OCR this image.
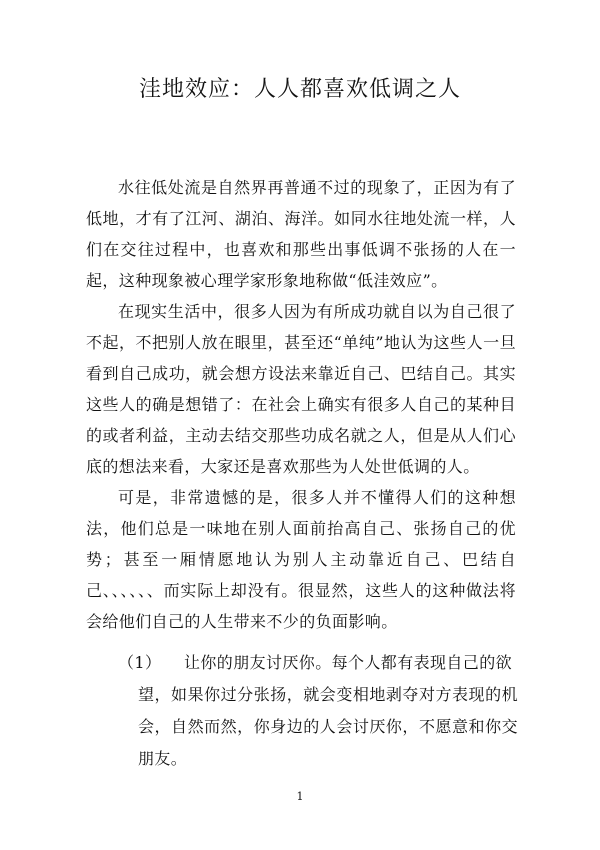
洼地效应：人人都喜欢低调之人

水往低处流是自然界再普通不过的现象了，正因为有了低地，才有了江河、湖泊、海洋。如同水往地处流一样，人们在交往过程中，也喜欢和那些出事低调不张扬的人在一起，这种现象被心理学家形象地称做“低洼效应”。

在现实生活中，很多人因为有所成功就自以为自己很了不起，不把别人放在眼里，甚至还“单纯”地认为这些人一旦看到自己成功，就会想方设法来靠近自己、巴结自己。其实这些人的确是想错了：在社会上确实有很多人自己的某种目的或者利益，主动去结交那些功成名就之人，但是从人们心底的想法来看，大家还是喜欢那些为人处世低调的人。

可是，非常遗憾的是，很多人并不懂得人们的这种想法，他们总是一味地在别人面前抬高自己、张扬自己的优势；甚至一厢情愿地认为别人主动靠近自己、巴结自己、、、、、、而实际上却没有。很显然，这些人的这种做法将会给他们自己的人生带来不少的负面影响。

（1）	让你的朋友讨厌你。每个人都有表现自己的欲
望，如果你过分张扬，就会变相地剥夺对方表现的机会，自然而然，你身边的人会讨厌你，不愿意和你交朋友。
1
